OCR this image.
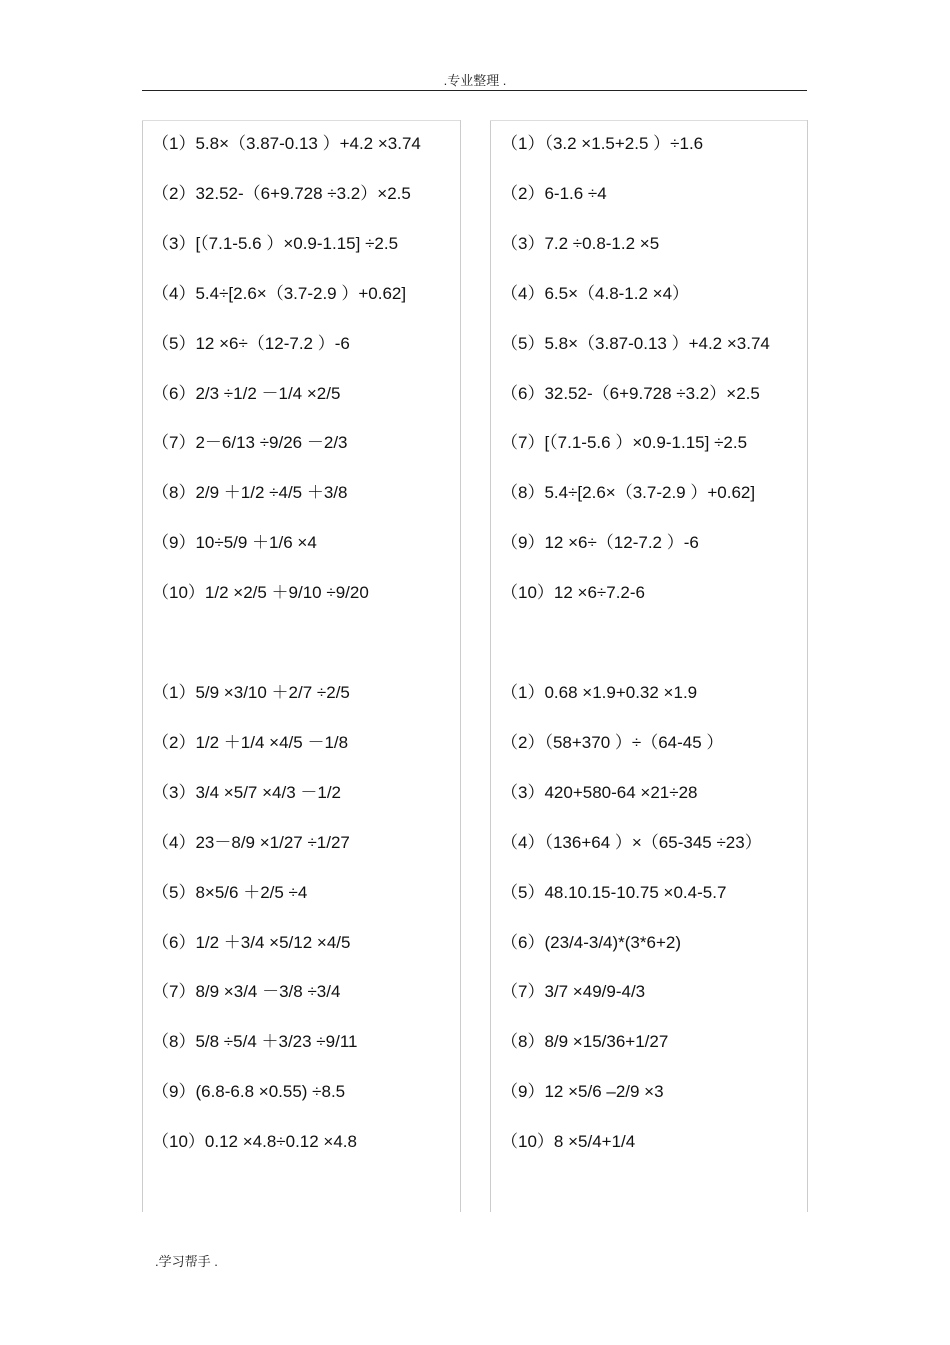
.专业整理 .
（1）5.8×（3.87-0.13 ）+4.2 ×3.74
（2）32.52-（6+9.728 ÷3.2）×2.5
（3）[（7.1-5.6 ）×0.9-1.15] ÷2.5
（4）5.4÷[2.6×（3.7-2.9 ）+0.62]
（5）12 ×6÷（12-7.2 ）-6
（6）2/3 ÷1/2 －1/4 ×2/5
（7）2－6/13 ÷9/26 －2/3
（8）2/9 ＋1/2 ÷4/5 ＋3/8
（9）10÷5/9 ＋1/6 ×4
（10）1/2 ×2/5 ＋9/10 ÷9/20
（1）（3.2 ×1.5+2.5 ）÷1.6
（2）6-1.6 ÷4
（3）7.2 ÷0.8-1.2 ×5
（4）6.5×（4.8-1.2 ×4）
（5）5.8×（3.87-0.13 ）+4.2 ×3.74
（6）32.52-（6+9.728 ÷3.2）×2.5
（7）[（7.1-5.6 ）×0.9-1.15] ÷2.5
（8）5.4÷[2.6×（3.7-2.9 ）+0.62]
（9）12 ×6÷（12-7.2 ）-6
（10）12 ×6÷7.2-6
（1）5/9 ×3/10 ＋2/7 ÷2/5
（2）1/2 ＋1/4 ×4/5 －1/8
（3）3/4 ×5/7 ×4/3 －1/2
（4）23－8/9 ×1/27 ÷1/27
（5）8×5/6 ＋2/5 ÷4
（6）1/2 ＋3/4 ×5/12 ×4/5
（7）8/9 ×3/4 －3/8 ÷3/4
（8）5/8 ÷5/4 ＋3/23 ÷9/11
（9）(6.8-6.8 ×0.55) ÷8.5
（10）0.12 ×4.8÷0.12 ×4.8
（1）0.68 ×1.9+0.32 ×1.9
（2）（58+370 ）÷（64-45 ）
（3）420+580-64 ×21÷28
（4）（136+64 ）×（65-345 ÷23）
（5）48.10.15-10.75 ×0.4-5.7
（6）(23/4-3/4)*(3*6+2)
（7）3/7 ×49/9-4/3
（8）8/9 ×15/36+1/27
（9）12 ×5/6 –2/9 ×3
（10）8 ×5/4+1/4
.学习帮手 .
